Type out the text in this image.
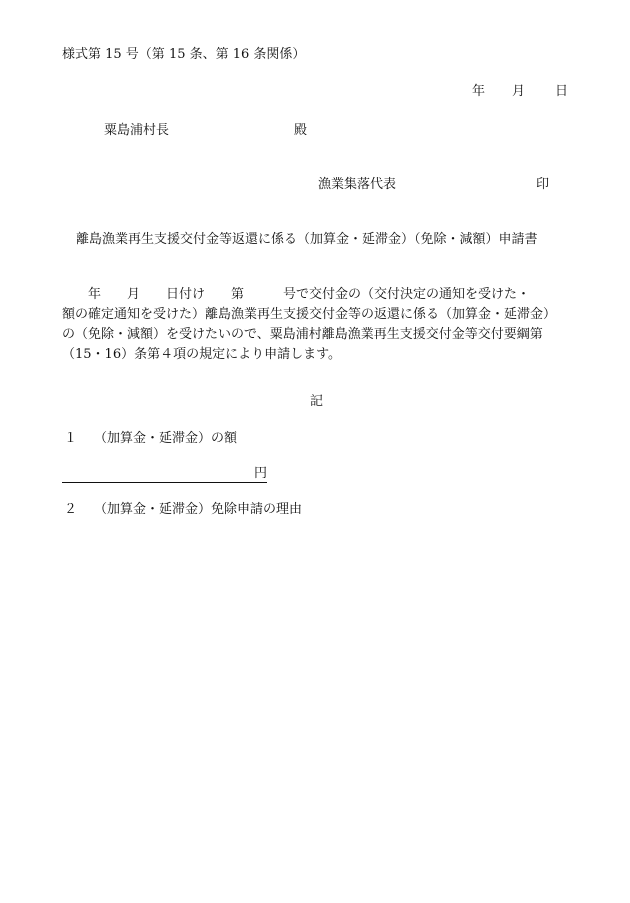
様式第 15 号（第 15 条、第 16 条関係）
年 月 日
粟島浦村長	殿
漁業集落代表	印
離島漁業再生支援交付金等返還に係る（加算金・延滞金）（免除・減額）申請書
　　年　　月　　日付け　　第　　　号で交付金の（交付決定の通知を受けた・
額の確定通知を受けた）離島漁業再生支援交付金等の返還に係る（加算金・延滞金）
の（免除・減額）を受けたいので、粟島浦村離島漁業再生支援交付金等交付要綱第
（15・16）条第４項の規定により申請します。
記
１ （加算金・延滞金）の額
円
２ （加算金・延滞金）免除申請の理由
